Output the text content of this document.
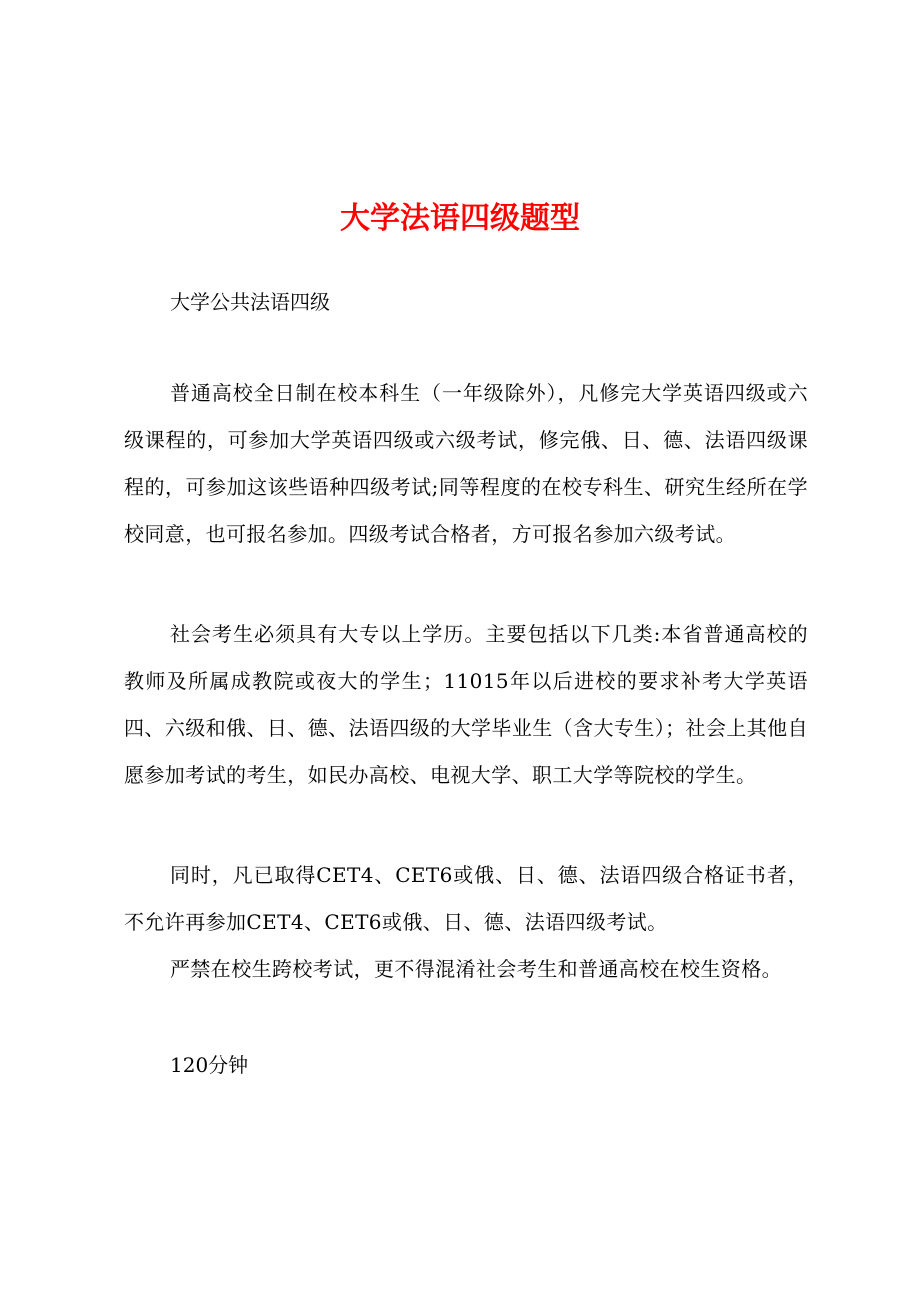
大学法语四级题型

大学公共法语四级

普通高校全日制在校本科生（一年级除外），凡修完大学英语四级或六级课程的，可参加大学英语四级或六级考试，修完俄、日、德、法语四级课程的，可参加这该些语种四级考试;同等程度的在校专科生、研究生经所在学校同意，也可报名参加。四级考试合格者，方可报名参加六级考试。

社会考生必须具有大专以上学历。主要包括以下几类:本省普通高校的教师及所属成教院或夜大的学生；11015年以后进校的要求补考大学英语四、六级和俄、日、德、法语四级的大学毕业生（含大专生）；社会上其他自愿参加考试的考生，如民办高校、电视大学、职工大学等院校的学生。

同时，凡已取得CET4、CET6或俄、日、德、法语四级合格证书者，不允许再参加CET4、CET6或俄、日、德、法语四级考试。

严禁在校生跨校考试，更不得混淆社会考生和普通高校在校生资格。

120分钟
